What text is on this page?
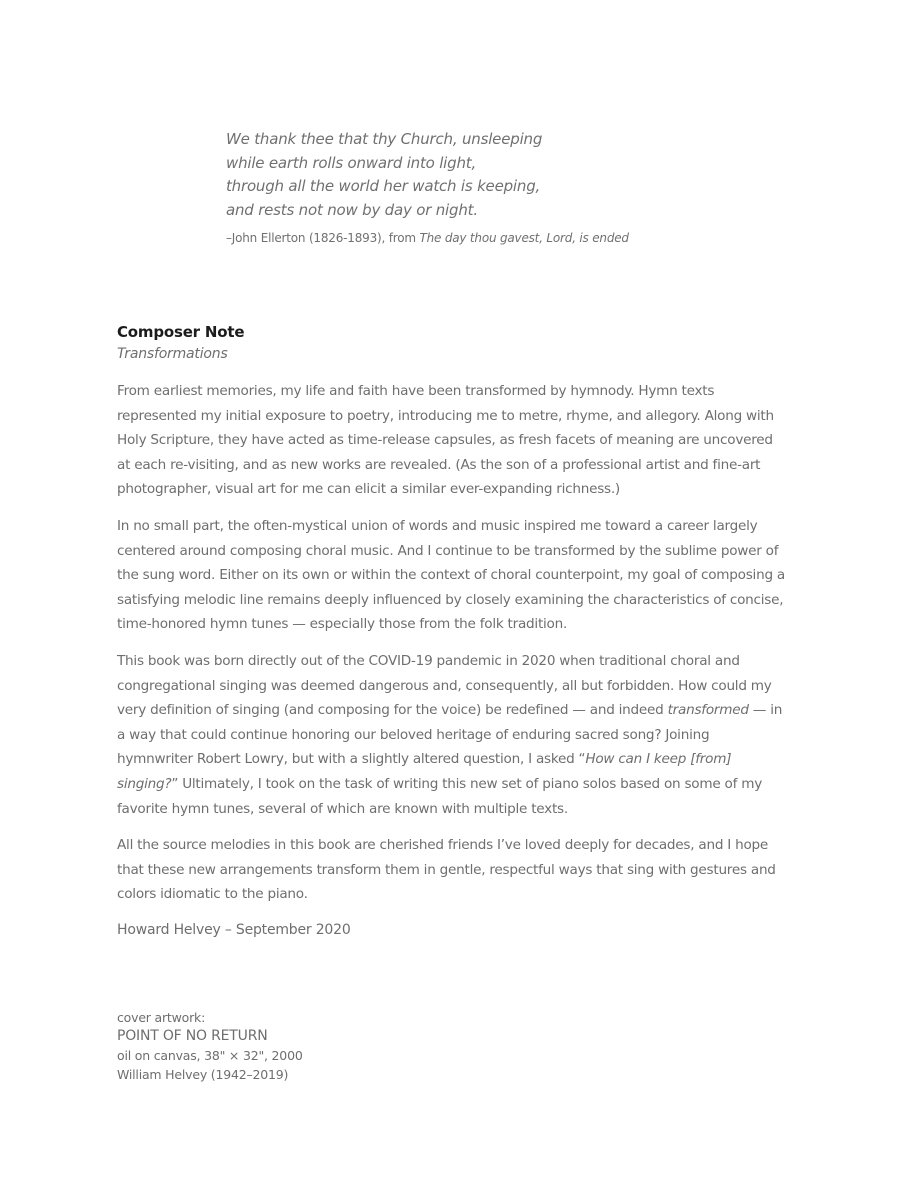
We thank thee that thy Church, unsleeping
while earth rolls onward into light,
through all the world her watch is keeping,
and rests not now by day or night.
–John Ellerton (1826-1893), from The day thou gavest, Lord, is ended
Composer Note
Transformations

From earliest memories, my life and faith have been transformed by hymnody. Hymn texts represented my initial exposure to poetry, introducing me to metre, rhyme, and allegory. Along with Holy Scripture, they have acted as time-release capsules, as fresh facets of meaning are uncovered at each re-visiting, and as new works are revealed. (As the son of a professional artist and fine-art photographer, visual art for me can elicit a similar ever-expanding richness.)

In no small part, the often-mystical union of words and music inspired me toward a career largely centered around composing choral music. And I continue to be transformed by the sublime power of the sung word. Either on its own or within the context of choral counterpoint, my goal of composing a satisfying melodic line remains deeply influenced by closely examining the characteristics of concise, time-honored hymn tunes — especially those from the folk tradition.

This book was born directly out of the COVID-19 pandemic in 2020 when traditional choral and congregational singing was deemed dangerous and, consequently, all but forbidden. How could my very definition of singing (and composing for the voice) be redefined — and indeed transformed — in a way that could continue honoring our beloved heritage of enduring sacred song? Joining hymnwriter Robert Lowry, but with a slightly altered question, I asked “How can I keep [from] singing?” Ultimately, I took on the task of writing this new set of piano solos based on some of my favorite hymn tunes, several of which are known with multiple texts.

All the source melodies in this book are cherished friends I’ve loved deeply for decades, and I hope that these new arrangements transform them in gentle, respectful ways that sing with gestures and colors idiomatic to the piano.

Howard Helvey – September 2020
cover artwork:
POINT OF NO RETURN
oil on canvas, 38" × 32", 2000
William Helvey (1942–2019)
